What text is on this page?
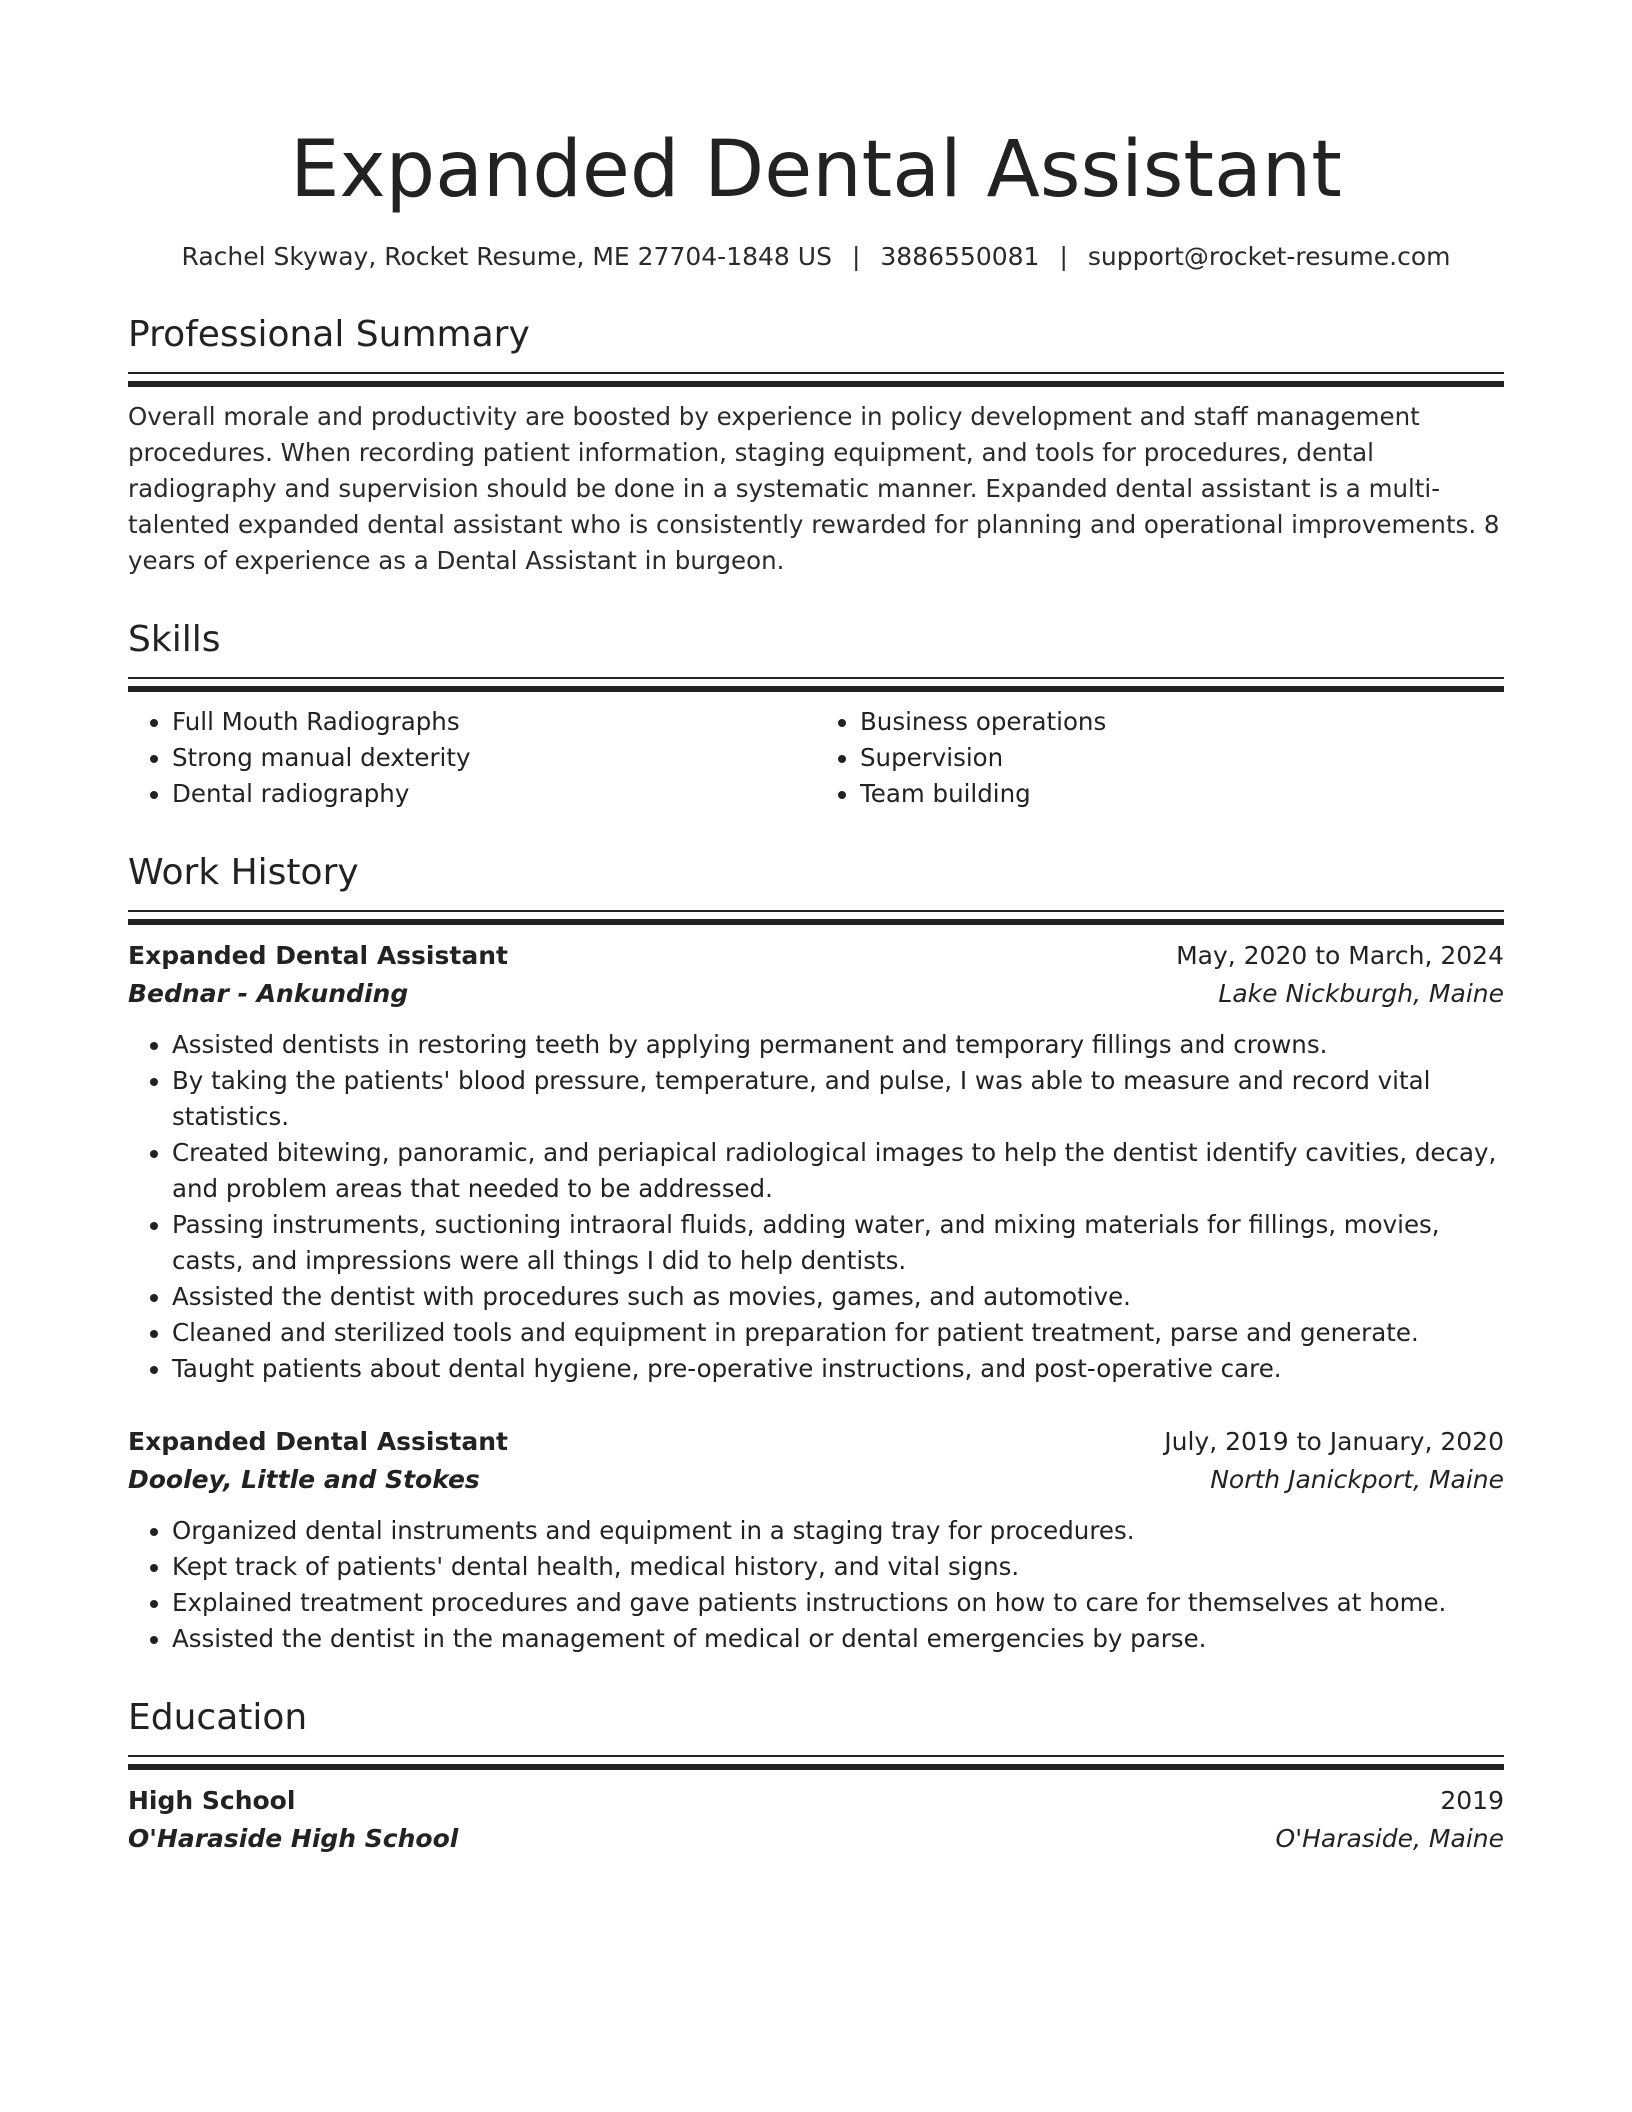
Expanded Dental Assistant
Rachel Skyway, Rocket Resume, ME 27704-1848 US | 3886550081 | support@rocket-resume.com
Professional Summary

Overall morale and productivity are boosted by experience in policy development and staff management procedures. When recording patient information, staging equipment, and tools for procedures, dental radiography and supervision should be done in a systematic manner. Expanded dental assistant is a multi-talented expanded dental assistant who is consistently rewarded for planning and operational improvements. 8 years of experience as a Dental Assistant in burgeon.

Skills
• Full Mouth Radiographs
• Strong manual dexterity
• Dental radiography
• Business operations
• Supervision
• Team building
Work History
Expanded Dental Assistant	May, 2020 to March, 2024
Bednar - Ankunding	Lake Nickburgh, Maine
• Assisted dentists in restoring teeth by applying permanent and temporary fillings and crowns.
• By taking the patients' blood pressure, temperature, and pulse, I was able to measure and record vital statistics.
• Created bitewing, panoramic, and periapical radiological images to help the dentist identify cavities, decay, and problem areas that needed to be addressed.
• Passing instruments, suctioning intraoral fluids, adding water, and mixing materials for fillings, movies, casts, and impressions were all things I did to help dentists.
• Assisted the dentist with procedures such as movies, games, and automotive.
• Cleaned and sterilized tools and equipment in preparation for patient treatment, parse and generate.
• Taught patients about dental hygiene, pre-operative instructions, and post-operative care.
Expanded Dental Assistant	July, 2019 to January, 2020
Dooley, Little and Stokes	North Janickport, Maine
• Organized dental instruments and equipment in a staging tray for procedures.
• Kept track of patients' dental health, medical history, and vital signs.
• Explained treatment procedures and gave patients instructions on how to care for themselves at home.
• Assisted the dentist in the management of medical or dental emergencies by parse.
Education
High School	2019
O'Haraside High School	O'Haraside, Maine
